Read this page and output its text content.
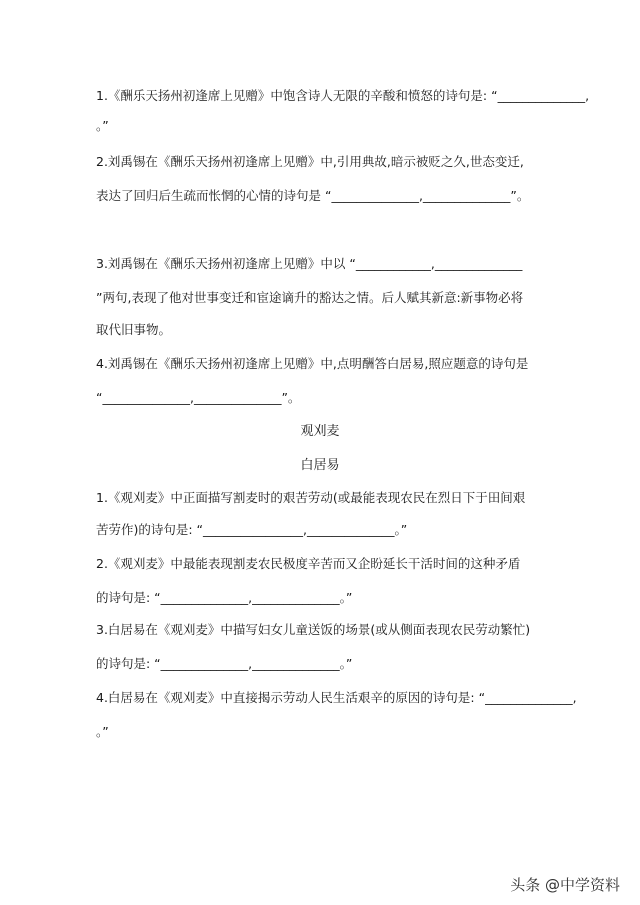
1.《酬乐天扬州初逢席上见赠》中饱含诗人无限的辛酸和愤怒的诗句是: “______________,
。”
2.刘禹锡在《酬乐天扬州初逢席上见赠》中,引用典故,暗示被贬之久,世态变迁,
表达了回归后生疏而怅惘的心情的诗句是 “______________,______________”。
3.刘禹锡在《酬乐天扬州初逢席上见赠》中以 “____________,______________
”两句,表现了他对世事变迁和宦途谪升的豁达之情。后人赋其新意:新事物必将
取代旧事物。
4.刘禹锡在《酬乐天扬州初逢席上见赠》中,点明酬答白居易,照应题意的诗句是
“______________,______________”。
观刈麦
白居易
1.《观刈麦》中正面描写割麦时的艰苦劳动(或最能表现农民在烈日下于田间艰
苦劳作)的诗句是: “________________,______________。”
2.《观刈麦》中最能表现割麦农民极度辛苦而又企盼延长干活时间的这种矛盾
的诗句是: “______________,______________。”
3.白居易在《观刈麦》中描写妇女儿童送饭的场景(或从侧面表现农民劳动繁忙)
的诗句是: “______________,______________。”
4.白居易在《观刈麦》中直接揭示劳动人民生活艰辛的原因的诗句是: “______________,
。”
头条 @中学资料
